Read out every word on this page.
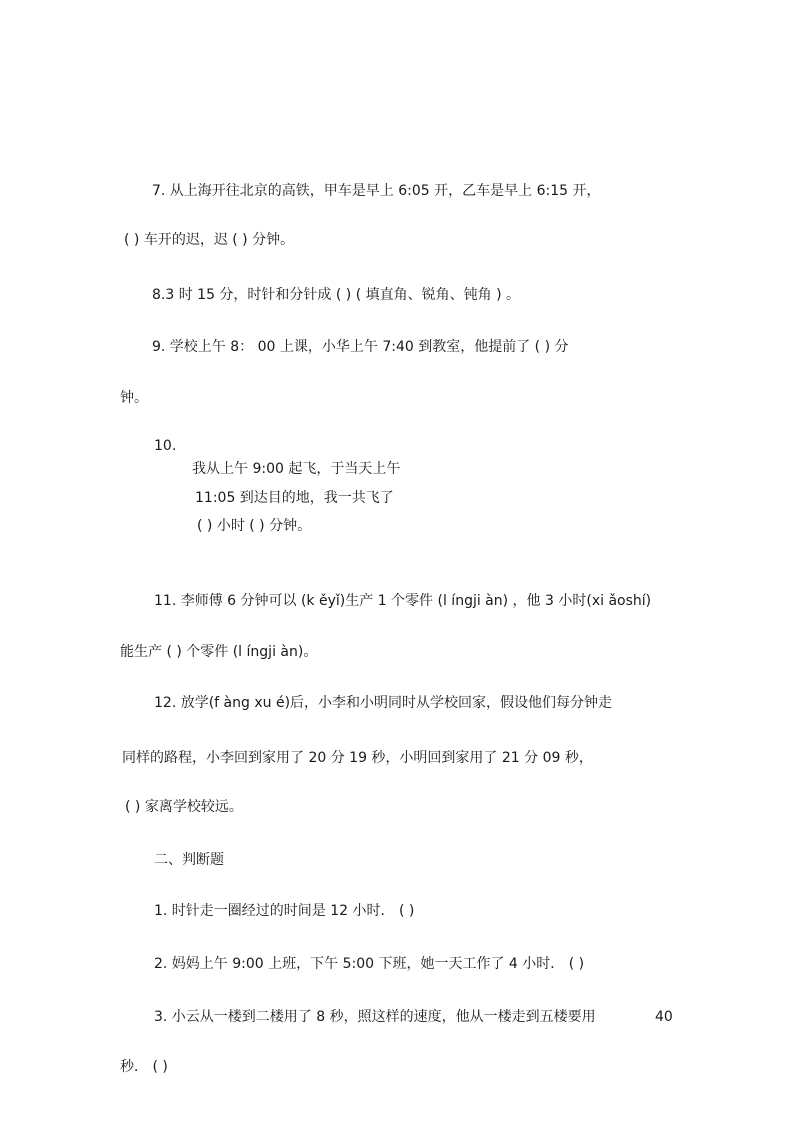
7. 从上海开往北京的高铁，甲车是早上 6:05 开，乙车是早上 6:15 开，
( ) 车开的迟，迟 ( ) 分钟。
8.3 时 15 分，时针和分针成 ( ) ( 填直角、锐角、钝角 ) 。
9. 学校上午 8： 00 上课，小华上午 7:40 到教室，他提前了 ( ) 分
钟。
10.
我从上午 9:00 起飞，于当天上午
11:05 到达目的地，我一共飞了
( ) 小时 ( ) 分钟。
11. 李师傅 6 分钟可以 (k ěyǐ)生产 1 个零件 (l íngji àn) ，他 3 小时(xi ǎoshí)
能生产 ( ) 个零件 (l íngji àn)。
12. 放学(f àng xu é)后，小李和小明同时从学校回家，假设他们每分钟走
同样的路程，小李回到家用了 20 分 19 秒，小明回到家用了 21 分 09 秒，
( ) 家离学校较远。
二、判断题
1. 时针走一圈经过的时间是 12 小时． ( )
2. 妈妈上午 9:00 上班，下午 5:00 下班，她一天工作了 4 小时． ( )
3. 小云从一楼到二楼用了 8 秒，照这样的速度，他从一楼走到五楼要用	40
秒． ( )
